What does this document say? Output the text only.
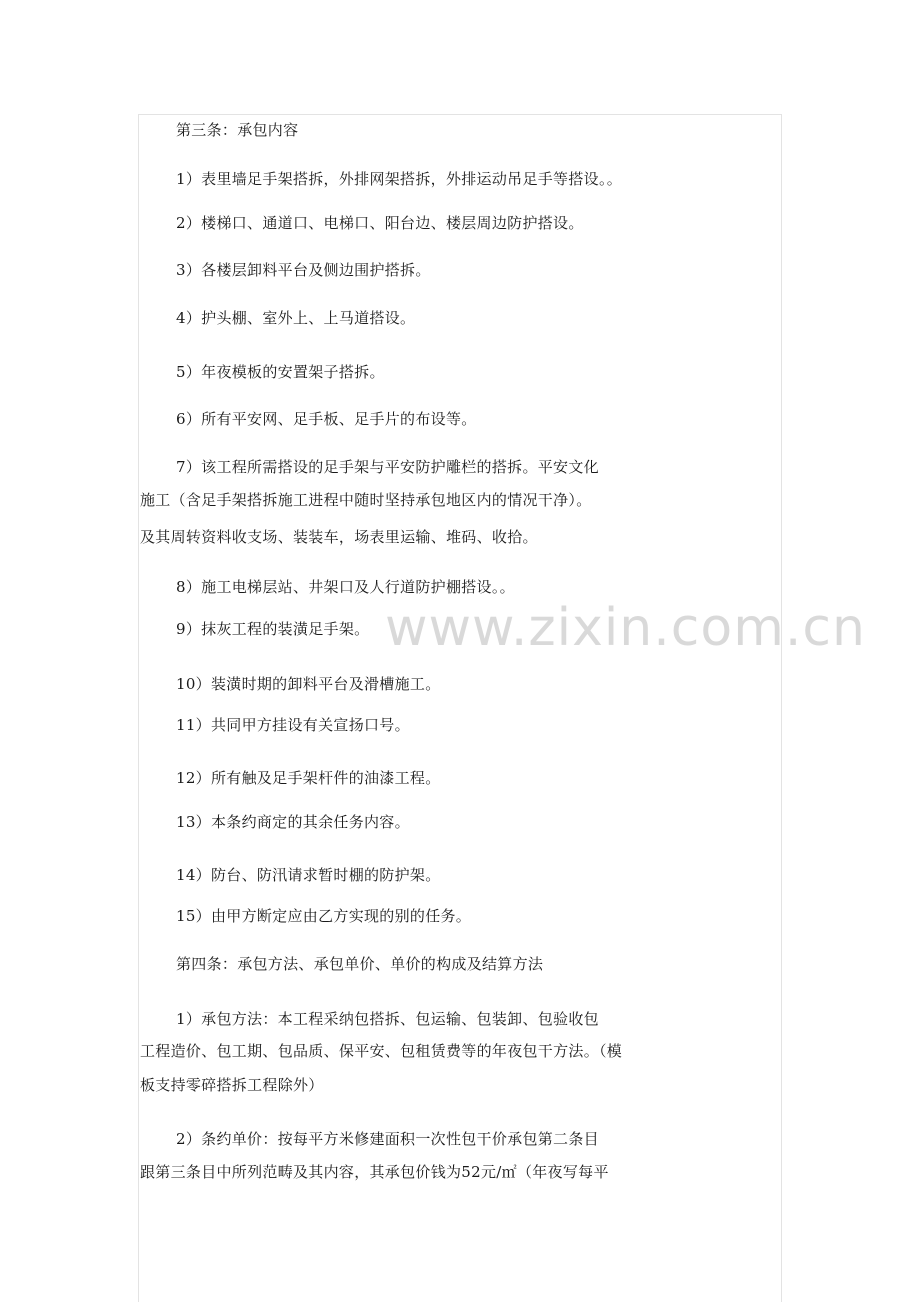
www.zixin.com.cn
第三条：承包内容
1）表里墙足手架搭拆，外排网架搭拆，外排运动吊足手等搭设。。
2）楼梯口、通道口、电梯口、阳台边、楼层周边防护搭设。
3）各楼层卸料平台及侧边围护搭拆。
4）护头棚、室外上、上马道搭设。
5）年夜模板的安置架子搭拆。
6）所有平安网、足手板、足手片的布设等。
7）该工程所需搭设的足手架与平安防护雕栏的搭拆。平安文化
施工（含足手架搭拆施工进程中随时坚持承包地区内的情况干净）。
及其周转资料收支场、装装车，场表里运输、堆码、收拾。
8）施工电梯层站、井架口及人行道防护棚搭设。。
9）抹灰工程的装潢足手架。
10）装潢时期的卸料平台及滑槽施工。
11）共同甲方挂设有关宣扬口号。
12）所有触及足手架杆件的油漆工程。
13）本条约商定的其余任务内容。
14）防台、防汛请求暂时棚的防护架。
15）由甲方断定应由乙方实现的别的任务。
第四条：承包方法、承包单价、单价的构成及结算方法
1）承包方法：本工程采纳包搭拆、包运输、包装卸、包验收包
工程造价、包工期、包品质、保平安、包租赁费等的年夜包干方法。（模
板支持零碎搭拆工程除外）
2）条约单价：按每平方米修建面积一次性包干价承包第二条目
跟第三条目中所列范畴及其内容，其承包价钱为52元/㎡（年夜写每平
